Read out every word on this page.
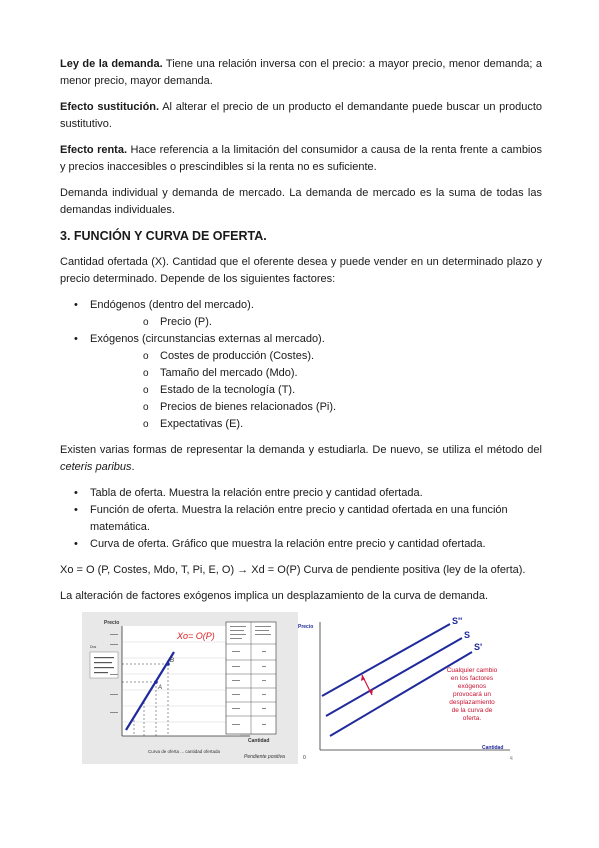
Ley de la demanda. Tiene una relación inversa con el precio: a mayor precio, menor demanda; a menor precio, mayor demanda.

Efecto sustitución. Al alterar el precio de un producto el demandante puede buscar un producto sustitutivo.

Efecto renta. Hace referencia a la limitación del consumidor a causa de la renta frente a cambios y precios inaccesibles o prescindibles si la renta no es suficiente.

Demanda individual y demanda de mercado. La demanda de mercado es la suma de todas las demandas individuales.

3. FUNCIÓN Y CURVA DE OFERTA.

Cantidad ofertada (X). Cantidad que el oferente desea y puede vender en un determinado plazo y precio determinado. Depende de los siguientes factores:

• Endógenos (dentro del mercado).
o Precio (P).
• Exógenos (circunstancias externas al mercado).
o Costes de producción (Costes).
o Tamaño del mercado (Mdo).
o Estado de la tecnología (T).
o Precios de bienes relacionados (Pi).
o Expectativas (E).

Existen varias formas de representar la demanda y estudiarla. De nuevo, se utiliza el método del ceteris paribus.

• Tabla de oferta. Muestra la relación entre precio y cantidad ofertada.
• Función de oferta. Muestra la relación entre precio y cantidad ofertada en una función matemática.
• Curva de oferta. Gráfico que muestra la relación entre precio y cantidad ofertada.

Xo = O (P, Costes, Mdo, T, Pi, E, O) → Xd = O(P) Curva de pendiente positiva (ley de la oferta).

La alteración de factores exógenos implica un desplazamiento de la curva de demanda.

Precio
Cantidad
A
B
Xo= O(P)
Dos
Curva de oferta ... cantidad ofertada
Pendiente positiva
Precio
Cantidad
0	q
S''
S
S'
Cualquier cambio
en los factores
exógenos
provocará un
desplazamiento
de la curva de
oferta.
